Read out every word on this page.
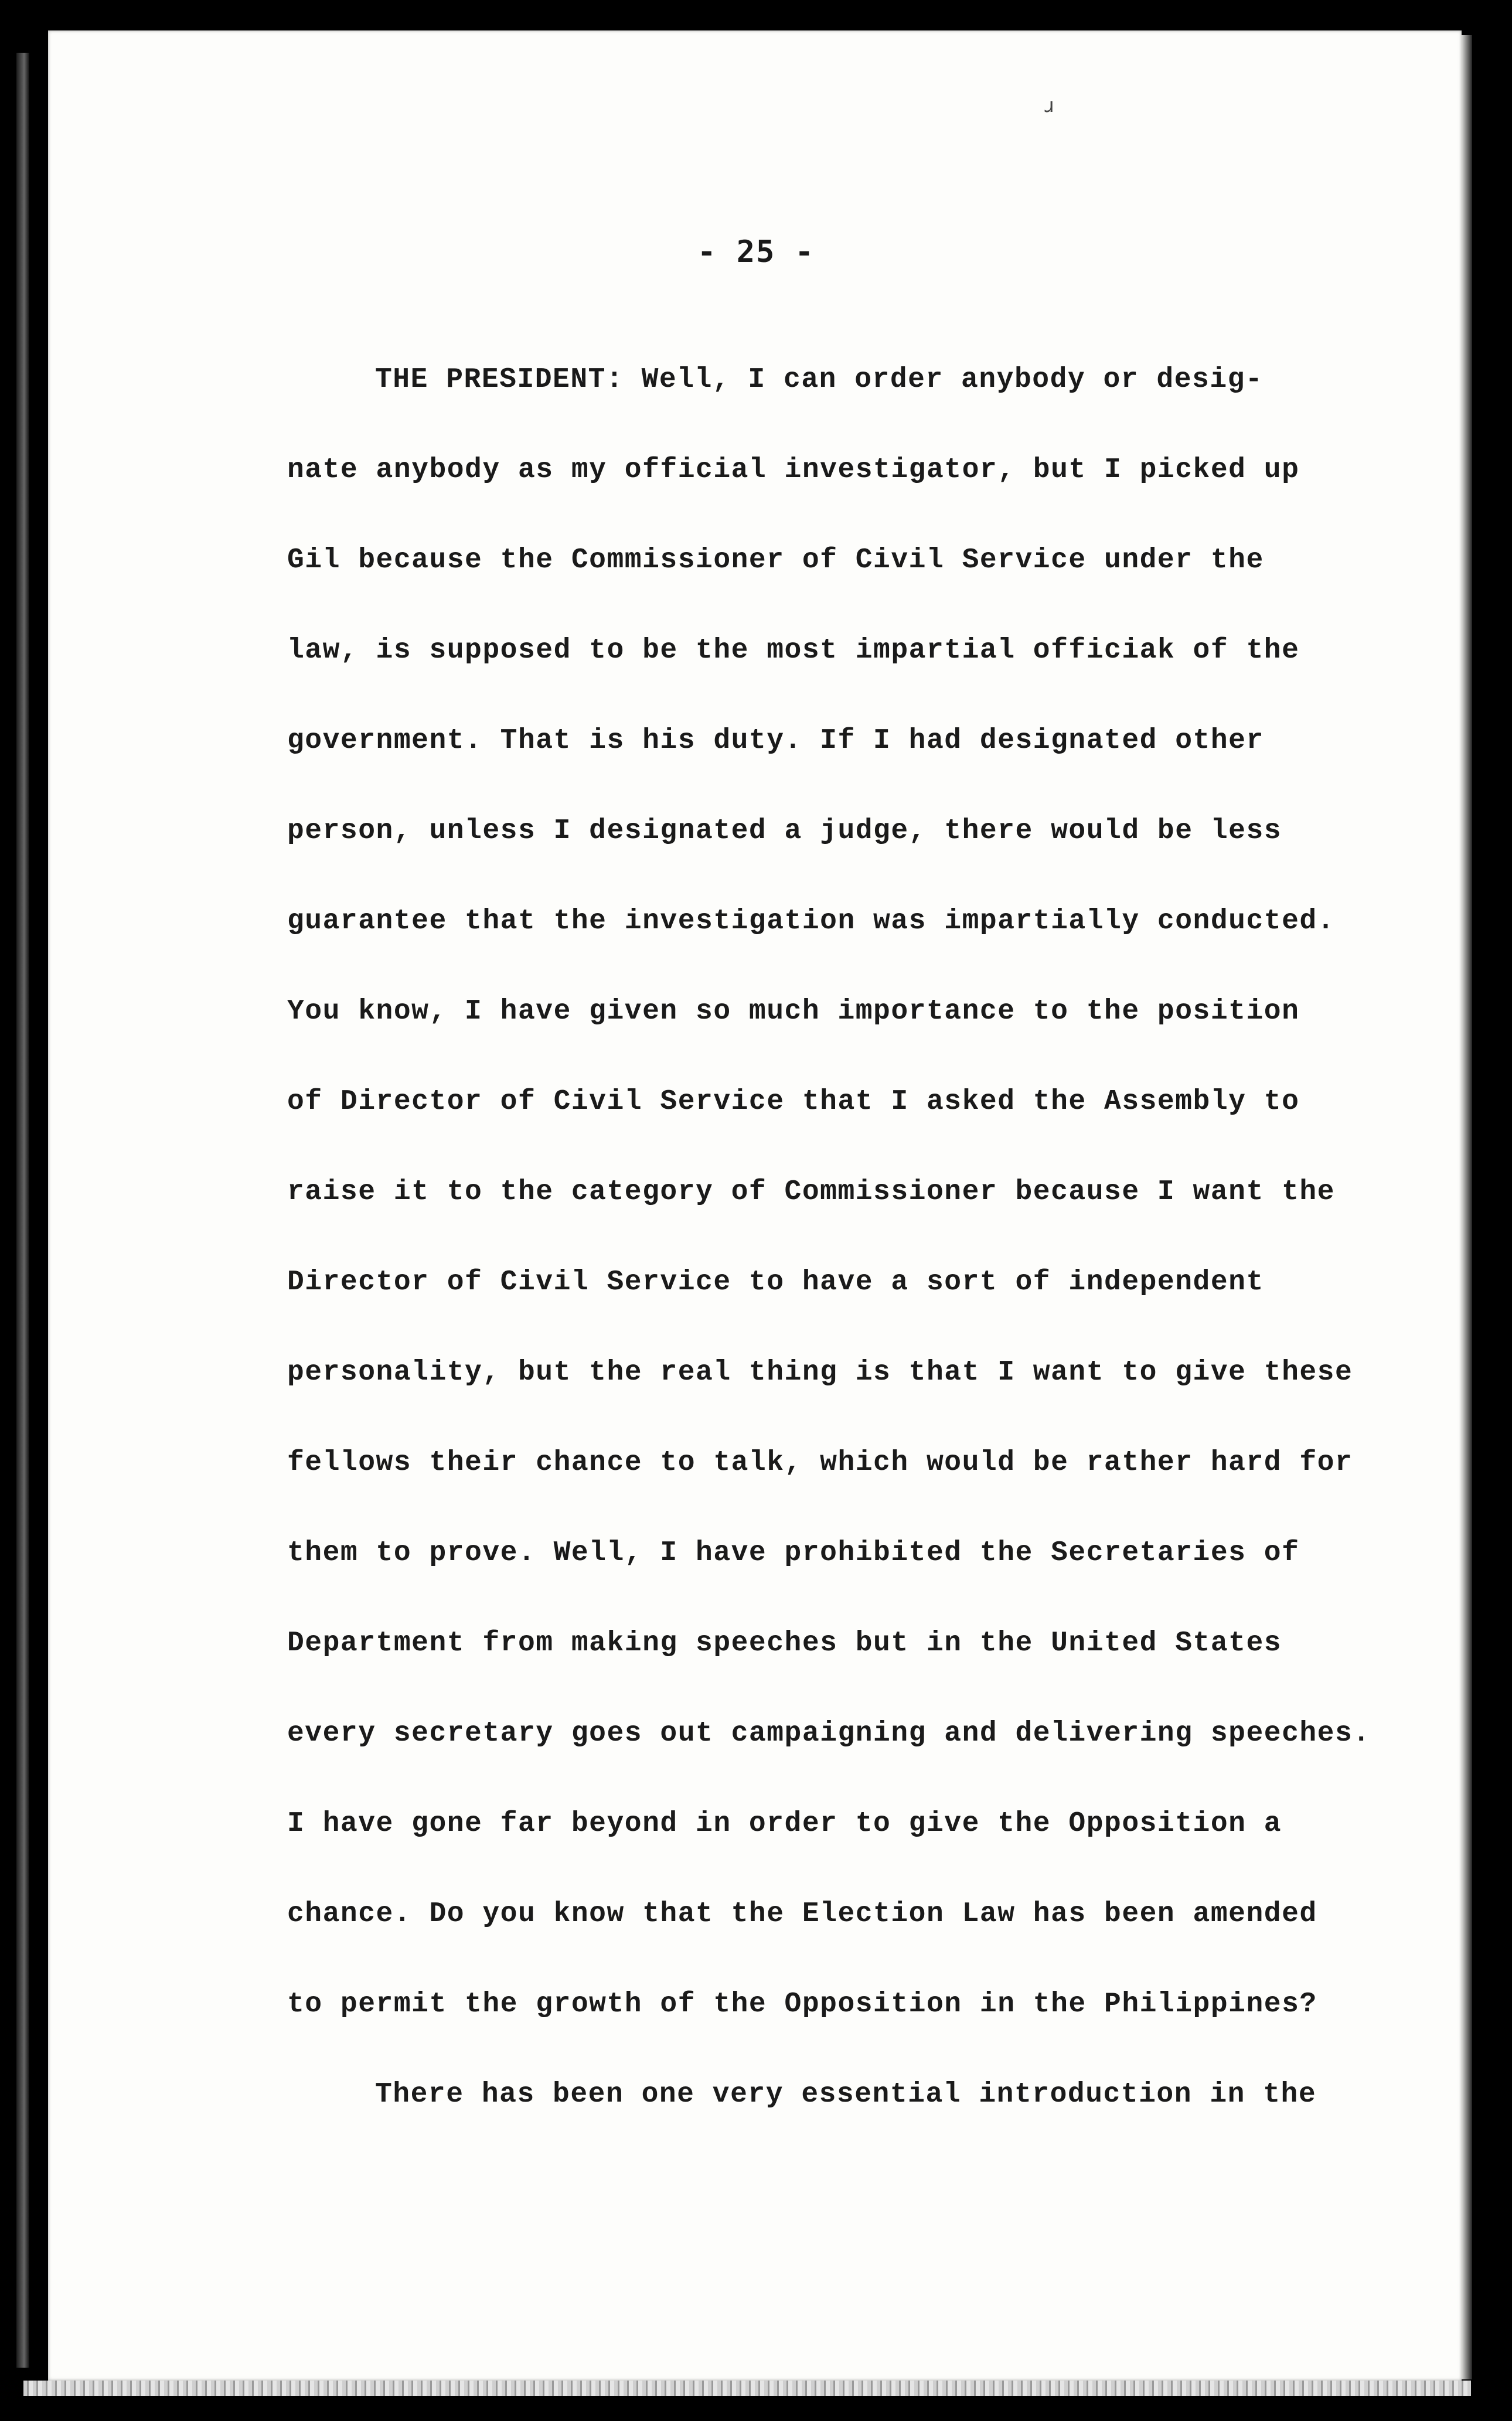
ɹ
- 25 -
THE PRESIDENT: Well, I can order anybody or desig-
nate anybody as my official investigator, but I picked up
Gil because the Commissioner of Civil Service under the
law, is supposed to be the most impartial officiak of the
government. That is his duty. If I had designated other
person, unless I designated a judge, there would be less
guarantee that the investigation was impartially conducted.
You know, I have given so much importance to the position
of Director of Civil Service that I asked the Assembly to
raise it to the category of Commissioner because I want the
Director of Civil Service to have a sort of independent
personality, but the real thing is that I want to give these
fellows their chance to talk, which would be rather hard for
them to prove. Well, I have prohibited the Secretaries of
Department from making speeches but in the United States
every secretary goes out campaigning and delivering speeches.
I have gone far beyond in order to give the Opposition a
chance. Do you know that the Election Law has been amended
to permit the growth of the Opposition in the Philippines?
There has been one very essential introduction in the
